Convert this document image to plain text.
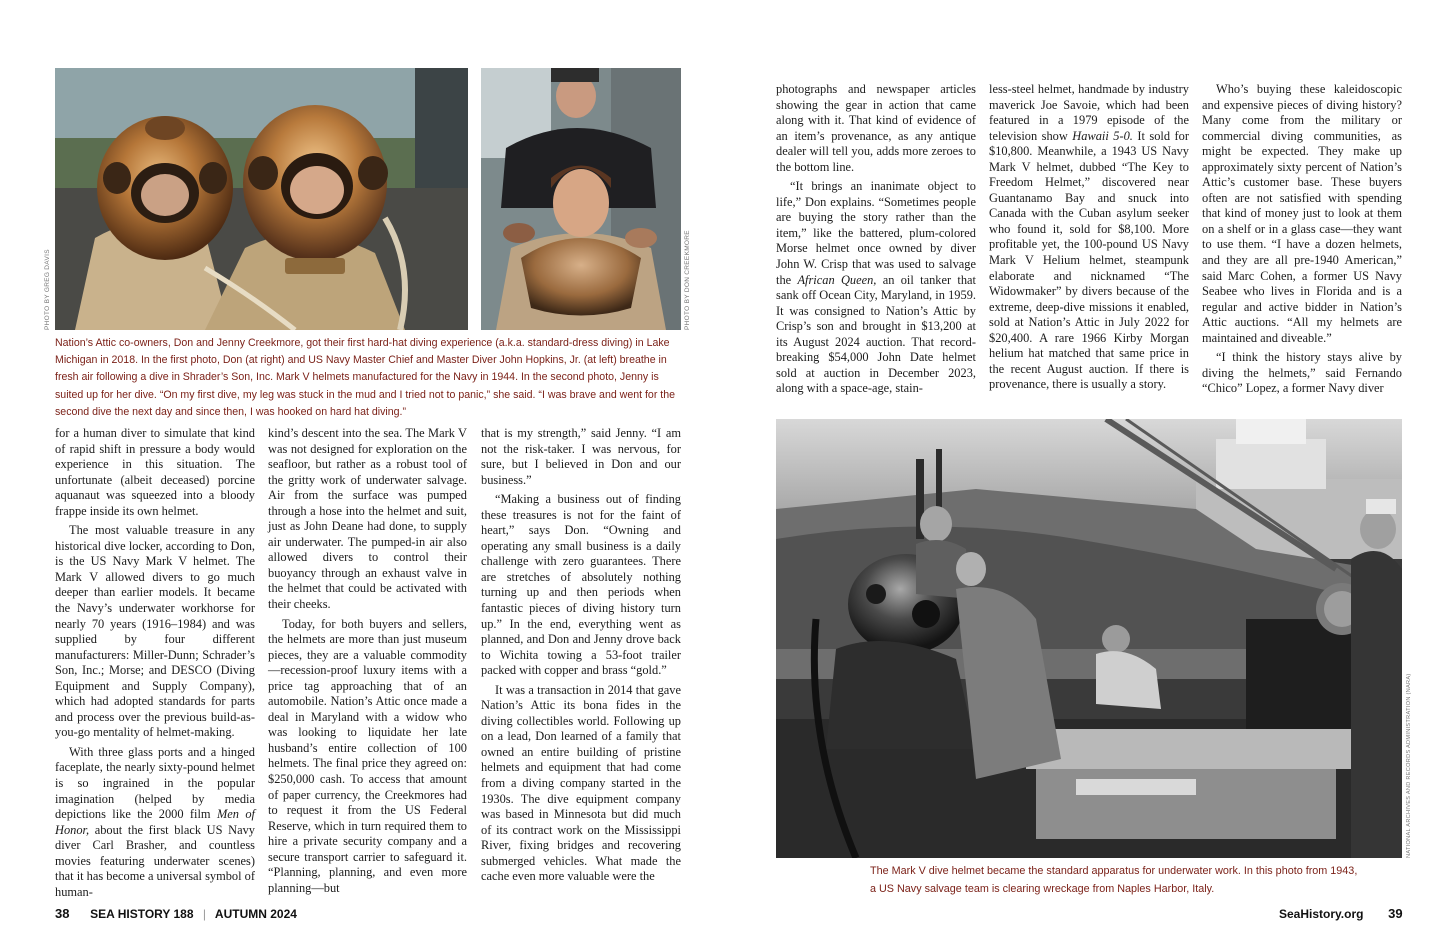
PHOTO BY GREG DAVIS	PHOTO BY DON CREEKMORE
Nation’s Attic co-owners, Don and Jenny Creekmore, got their first hard-hat diving experience (a.k.a. standard-dress diving) in Lake Michigan in 2018. In the first photo, Don (at right) and US Navy Master Chief and Master Diver John Hopkins, Jr. (at left) breathe in fresh air following a dive in Shrader’s Son, Inc. Mark V helmets manufactured for the Navy in 1944. In the second photo, Jenny is suited up for her dive. “On my first dive, my leg was stuck in the mud and I tried not to panic,” she said. “I was brave and went for the second dive the next day and since then, I was hooked on hard hat diving.”

for a human diver to simulate that kind of rapid shift in pressure a body would experience in this situation. The unfortunate (albeit deceased) porcine aquanaut was squeezed into a bloody frappe inside its own helmet.

The most valuable treasure in any historical dive locker, according to Don, is the US Navy Mark V helmet. The Mark V allowed divers to go much deeper than earlier models. It became the Navy’s underwater workhorse for nearly 70 years (1916–1984) and was supplied by four different manufacturers: Miller-Dunn; Schrader’s Son, Inc.; Morse; and DESCO (Diving Equipment and Supply Company), which had adopted standards for parts and process over the previous build-as-you-go mentality of helmet-making.

With three glass ports and a hinged faceplate, the nearly sixty-pound helmet is so ingrained in the popular imagination (helped by media depictions like the 2000 film Men of Honor, about the first black US Navy diver Carl Brasher, and countless movies featuring underwater scenes) that it has become a universal symbol of human-

kind’s descent into the sea. The Mark V was not designed for exploration on the seafloor, but rather as a robust tool of the gritty work of underwater salvage. Air from the surface was pumped through a hose into the helmet and suit, just as John Deane had done, to supply air underwater. The pumped-in air also allowed divers to control their buoyancy through an exhaust valve in the helmet that could be activated with their cheeks.

Today, for both buyers and sellers, the helmets are more than just museum pieces, they are a valuable commodity—recession-proof luxury items with a price tag approaching that of an automobile. Nation’s Attic once made a deal in Maryland with a widow who was looking to liquidate her late husband’s entire collection of 100 helmets. The final price they agreed on: $250,000 cash. To access that amount of paper currency, the Creekmores had to request it from the US Federal Reserve, which in turn required them to hire a private security company and a secure transport carrier to safeguard it. “Planning, planning, and even more planning—but

that is my strength,” said Jenny. “I am not the risk-taker. I was nervous, for sure, but I believed in Don and our business.”

“Making a business out of finding these treasures is not for the faint of heart,” says Don. “Owning and operating any small business is a daily challenge with zero guarantees. There are stretches of absolutely nothing turning up and then periods when fantastic pieces of diving history turn up.” In the end, everything went as planned, and Don and Jenny drove back to Wichita towing a 53-foot trailer packed with copper and brass “gold.”

It was a transaction in 2014 that gave Nation’s Attic its bona fides in the diving collectibles world. Following up on a lead, Don learned of a family that owned an entire building of pristine helmets and equipment that had come from a diving company started in the 1930s. The dive equipment company was based in Minnesota but did much of its contract work on the Mississippi River, fixing bridges and recovering submerged vehicles. What made the cache even more valuable were the

38 SEA HISTORY 188 | AUTUMN 2024

photographs and newspaper articles showing the gear in action that came along with it. That kind of evidence of an item’s provenance, as any antique dealer will tell you, adds more zeroes to the bottom line.

“It brings an inanimate object to life,” Don explains. “Sometimes people are buying the story rather than the item,” like the battered, plum-colored Morse helmet once owned by diver John W. Crisp that was used to salvage the African Queen, an oil tanker that sank off Ocean City, Maryland, in 1959. It was consigned to Nation’s Attic by Crisp’s son and brought in $13,200 at its August 2024 auction. That record-breaking $54,000 John Date helmet sold at auction in December 2023, along with a space-age, stain-

less-steel helmet, handmade by industry maverick Joe Savoie, which had been featured in a 1979 episode of the television show Hawaii 5-0. It sold for $10,800. Meanwhile, a 1943 US Navy Mark V helmet, dubbed “The Key to Freedom Helmet,” discovered near Guantanamo Bay and snuck into Canada with the Cuban asylum seeker who found it, sold for $8,100. More profitable yet, the 100-pound US Navy Mark V Helium helmet, steampunk elaborate and nicknamed “The Widowmaker” by divers because of the extreme, deep-dive missions it enabled, sold at Nation’s Attic in July 2022 for $20,400. A rare 1966 Kirby Morgan helium hat matched that same price in the recent August auction. If there is provenance, there is usually a story.

Who’s buying these kaleidoscopic and expensive pieces of diving history? Many come from the military or commercial diving communities, as might be expected. They make up approximately sixty percent of Nation’s Attic’s customer base. These buyers often are not satisfied with spending that kind of money just to look at them on a shelf or in a glass case—they want to use them. “I have a dozen helmets, and they are all pre-1940 American,” said Marc Cohen, a former US Navy Seabee who lives in Florida and is a regular and active bidder in Nation’s Attic auctions. “All my helmets are maintained and diveable.”

“I think the history stays alive by diving the helmets,” said Fernando “Chico” Lopez, a former Navy diver

NATIONAL ARCHIVES AND RECORDS ADMINISTRATION (NARA)
The Mark V dive helmet became the standard apparatus for underwater work. In this photo from 1943, a US Navy salvage team is clearing wreckage from Naples Harbor, Italy.
SeaHistory.org 39
